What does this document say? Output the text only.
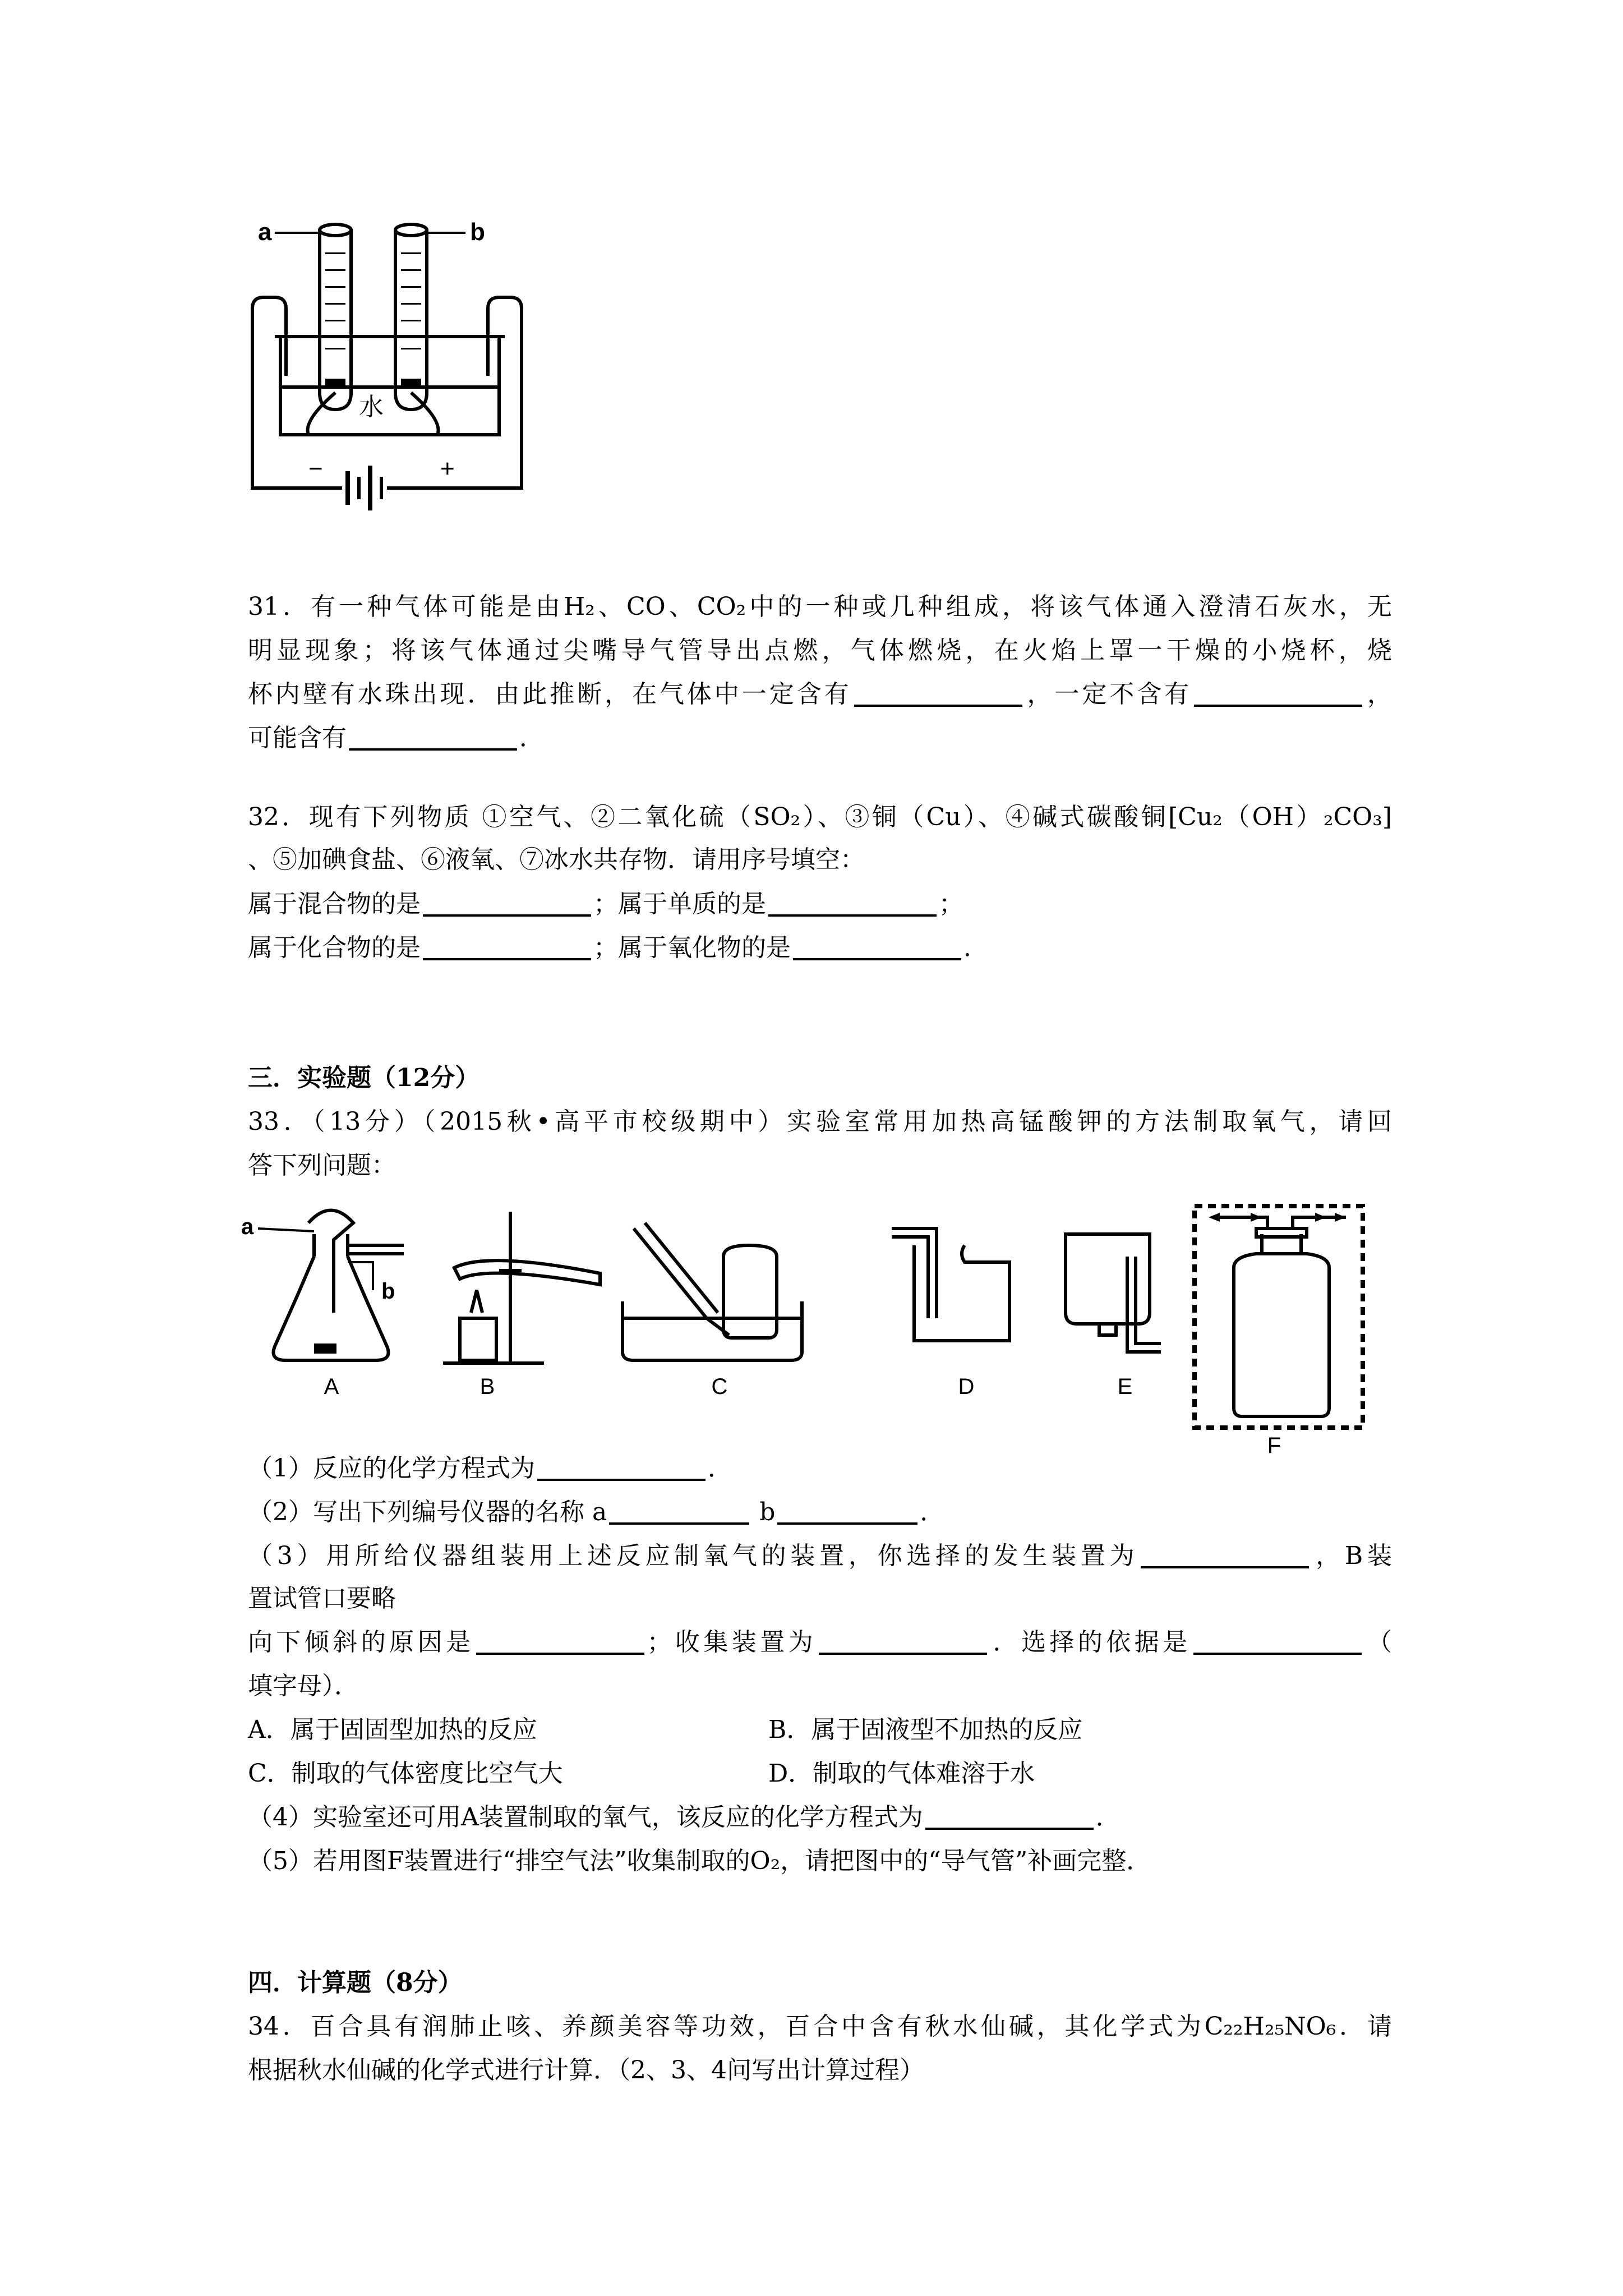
a	b
水
−	+
31．有一种气体可能是由H₂、CO、CO₂中的一种或几种组成，将该气体通入澄清石灰水，无
明显现象；将该气体通过尖嘴导气管导出点燃，气体燃烧，在火焰上罩一干燥的小烧杯，烧
杯内壁有水珠出现．由此推断，在气体中一定含有	，一定不含有	，
可能含有	．
32．现有下列物质 ①空气、②二氧化硫（SO₂）、③铜（Cu）、④碱式碳酸铜[Cu₂（OH）₂CO₃]
、⑤加碘食盐、⑥液氧、⑦冰水共存物．请用序号填空：
属于混合物的是	；属于单质的是	；
属于化合物的是	；属于氧化物的是	．
三．实验题（12分）
33．（13分）（2015秋•高平市校级期中）实验室常用加热高锰酸钾的方法制取氧气，请回
答下列问题：
a
b
A	B	C	D	E
F
（1）反应的化学方程式为	．
（2）写出下列编号仪器的名称 a	b	．
（3）用所给仪器组装用上述反应制氧气的装置，你选择的发生装置为	，B装
置试管口要略
向下倾斜的原因是	；收集装置为	．选择的依据是	（
填字母）．
A．属于固固型加热的反应	B．属于固液型不加热的反应
C．制取的气体密度比空气大	D．制取的气体难溶于水
（4）实验室还可用A装置制取的氧气，该反应的化学方程式为	．
（5）若用图F装置进行“排空气法”收集制取的O₂，请把图中的“导气管”补画完整．
四．计算题（8分）
34．百合具有润肺止咳、养颜美容等功效，百合中含有秋水仙碱，其化学式为C₂₂H₂₅NO₆．请
根据秋水仙碱的化学式进行计算．（2、3、4问写出计算过程）
